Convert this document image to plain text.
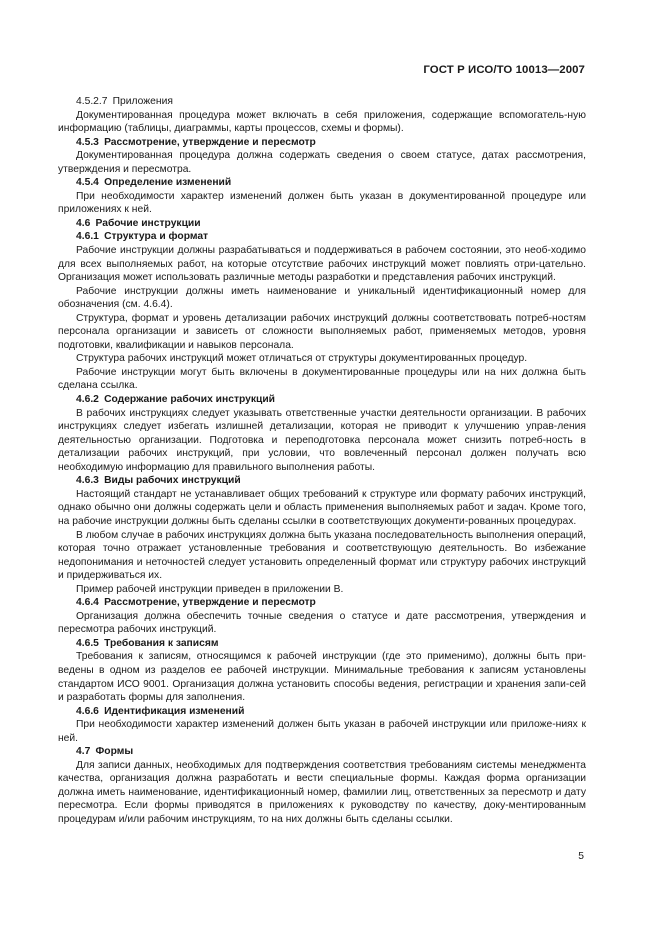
ГОСТ Р ИСО/ТО 10013—2007
4.5.2.7  Приложения

Документированная процедура может включать в себя приложения, содержащие вспомогатель-ную информацию (таблицы, диаграммы, карты процессов, схемы и формы).

4.5.3  Рассмотрение, утверждение и пересмотр

Документированная процедура должна содержать сведения о своем статусе, датах рассмотрения, утверждения и пересмотра.

4.5.4  Определение изменений

При необходимости характер изменений должен быть указан в документированной процедуре или приложениях к ней.

4.6  Рабочие инструкции
4.6.1  Структура и формат

Рабочие инструкции должны разрабатываться и поддерживаться в рабочем состоянии, это необ-ходимо для всех выполняемых работ, на которые отсутствие рабочих инструкций может повлиять отри-цательно. Организация может использовать различные методы разработки и представления рабочих инструкций.

Рабочие инструкции должны иметь наименование и уникальный идентификационный номер для обозначения (см. 4.6.4).

Структура, формат и уровень детализации рабочих инструкций должны соответствовать потреб-ностям персонала организации и зависеть от сложности выполняемых работ, применяемых методов, уровня подготовки, квалификации и навыков персонала.

Структура рабочих инструкций может отличаться от структуры документированных процедур.

Рабочие инструкции могут быть включены в документированные процедуры или на них должна быть сделана ссылка.

4.6.2  Содержание рабочих инструкций

В рабочих инструкциях следует указывать ответственные участки деятельности организации. В рабочих инструкциях следует избегать излишней детализации, которая не приводит к улучшению управ-ления деятельностью организации. Подготовка и переподготовка персонала может снизить потреб-ность в детализации рабочих инструкций, при условии, что вовлеченный персонал должен получать всю необходимую информацию для правильного выполнения работы.

4.6.3  Виды рабочих инструкций

Настоящий стандарт не устанавливает общих требований к структуре или формату рабочих инструкций, однако обычно они должны содержать цели и область применения выполняемых работ и задач. Кроме того, на рабочие инструкции должны быть сделаны ссылки в соответствующих документи-рованных процедурах.

В любом случае в рабочих инструкциях должна быть указана последовательность выполнения операций, которая точно отражает установленные требования и соответствующую деятельность. Во избежание недопонимания и неточностей следует установить определенный формат или структуру рабочих инструкций и придерживаться их.

Пример рабочей инструкции приведен в приложении В.

4.6.4  Рассмотрение, утверждение и пересмотр

Организация должна обеспечить точные сведения о статусе и дате рассмотрения, утверждения и пересмотра рабочих инструкций.

4.6.5  Требования к записям

Требования к записям, относящимся к рабочей инструкции (где это применимо), должны быть при-ведены в одном из разделов ее рабочей инструкции. Минимальные требования к записям установлены стандартом ИСО 9001. Организация должна установить способы ведения, регистрации и хранения запи-сей и разработать формы для заполнения.

4.6.6  Идентификация изменений

При необходимости характер изменений должен быть указан в рабочей инструкции или приложе-ниях к ней.

4.7  Формы

Для записи данных, необходимых для подтверждения соответствия требованиям системы менеджмента качества, организация должна разработать и вести специальные формы. Каждая форма организации должна иметь наименование, идентификационный номер, фамилии лиц, ответственных за пересмотр и дату пересмотра. Если формы приводятся в приложениях к руководству по качеству, доку-ментированным процедурам и/или рабочим инструкциям, то на них должны быть сделаны ссылки.

5
